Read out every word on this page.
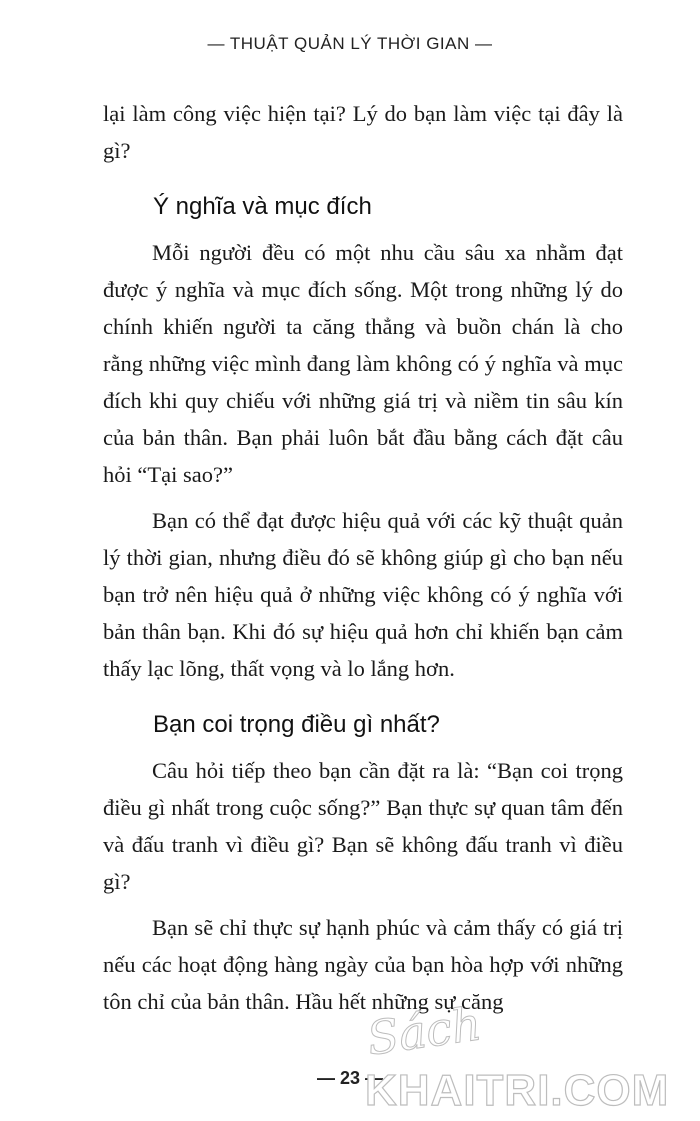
— THUẬT QUẢN LÝ THỜI GIAN —

lại làm công việc hiện tại? Lý do bạn làm việc tại đây là gì?

Ý nghĩa và mục đích

Mỗi người đều có một nhu cầu sâu xa nhằm đạt được ý nghĩa và mục đích sống. Một trong những lý do chính khiến người ta căng thẳng và buồn chán là cho rằng những việc mình đang làm không có ý nghĩa và mục đích khi quy chiếu với những giá trị và niềm tin sâu kín của bản thân. Bạn phải luôn bắt đầu bằng cách đặt câu hỏi “Tại sao?”

Bạn có thể đạt được hiệu quả với các kỹ thuật quản lý thời gian, nhưng điều đó sẽ không giúp gì cho bạn nếu bạn trở nên hiệu quả ở những việc không có ý nghĩa với bản thân bạn. Khi đó sự hiệu quả hơn chỉ khiến bạn cảm thấy lạc lõng, thất vọng và lo lắng hơn.

Bạn coi trọng điều gì nhất?

Câu hỏi tiếp theo bạn cần đặt ra là: “Bạn coi trọng điều gì nhất trong cuộc sống?” Bạn thực sự quan tâm đến và đấu tranh vì điều gì? Bạn sẽ không đấu tranh vì điều gì?

Bạn sẽ chỉ thực sự hạnh phúc và cảm thấy có giá trị nếu các hoạt động hàng ngày của bạn hòa hợp với những tôn chỉ của bản thân. Hầu hết những sự căng

— 23 —
Sách
KHAITRI.COM
